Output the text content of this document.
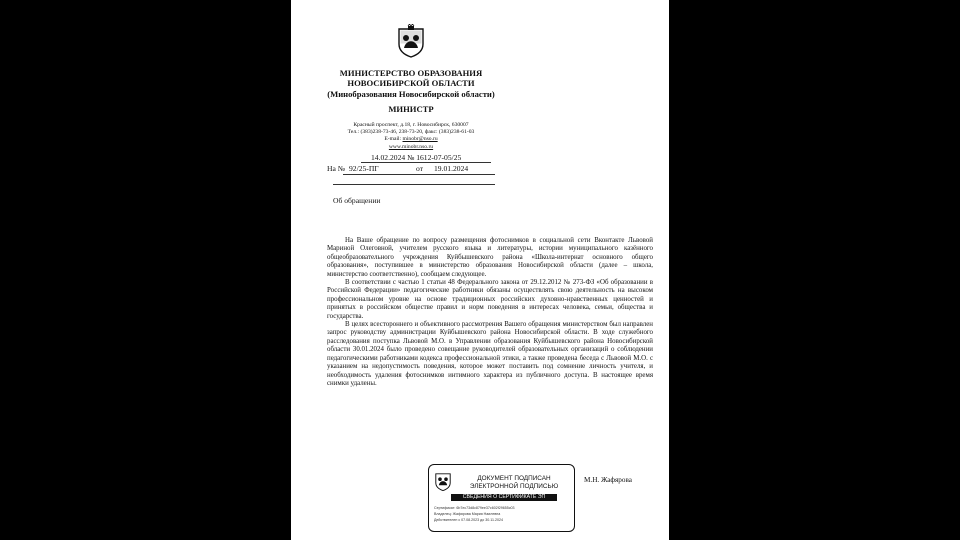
МИНИСТЕРСТВО ОБРАЗОВАНИЯ
НОВОСИБИРСКОЙ ОБЛАСТИ
(Минобразования Новосибирской области)
МИНИСТР
Красный проспект, д.18, г. Новосибирск, 630007
Тел.: (383)238-73-46, 238-73-20, факс: (383)238-61-03
E-mail: minobr@nso.ru
www.minobr.nso.ru
14.02.2024 № 1612-07-05/25
На № 92/25-ПГ	от 19.01.2024
Об обращении

На Ваше обращение по вопросу размещения фотоснимков в социальной сети Вконтакте Львовой Мариной Олеговной, учителем русского языка и литературы, истории муниципального казённого общеобразовательного учреждения Куйбышевского района «Школа-интернат основного общего образования», поступившее в министерство образования Новосибирской области (далее – школа, министерство соответственно), сообщаем следующее.

В соответствии с частью 1 статьи 48 Федерального закона от 29.12.2012 № 273-ФЗ «Об образовании в Российской Федерации» педагогические работники обязаны осуществлять свою деятельность на высоком профессиональном уровне на основе традиционных российских духовно-нравственных ценностей и принятых в российском обществе правил и норм поведения в интересах человека, семьи, общества и государства.

В целях всестороннего и объективного рассмотрения Вашего обращения министерством был направлен запрос руководству администрации Куйбышевского района Новосибирской области. В ходе служебного расследования поступка Львовой М.О. в Управлении образования Куйбышевского района Новосибирской области 30.01.2024 было проведено совещание руководителей образовательных организаций о соблюдении педагогическими работниками кодекса профессиональной этики, а также проведена беседа с Львовой М.О. с указанием на недопустимость поведения, которое может поставить под сомнение личность учителя, и необходимость удаления фотоснимков интимного характера из публичного доступа. В настоящее время снимки удалены.

ДОКУМЕНТ ПОДПИСАН
ЭЛЕКТРОННОЙ ПОДПИСЬЮ
СВЕДЕНИЯ О СЕРТИФИКАТЕ ЭП
Сертификат: 6b7ec73d8c879ee37c602f29655c03
Владелец: Жафярова Мария Наилевна
Действителен с 07.08.2023 до 30.11.2024
М.Н. Жафярова
